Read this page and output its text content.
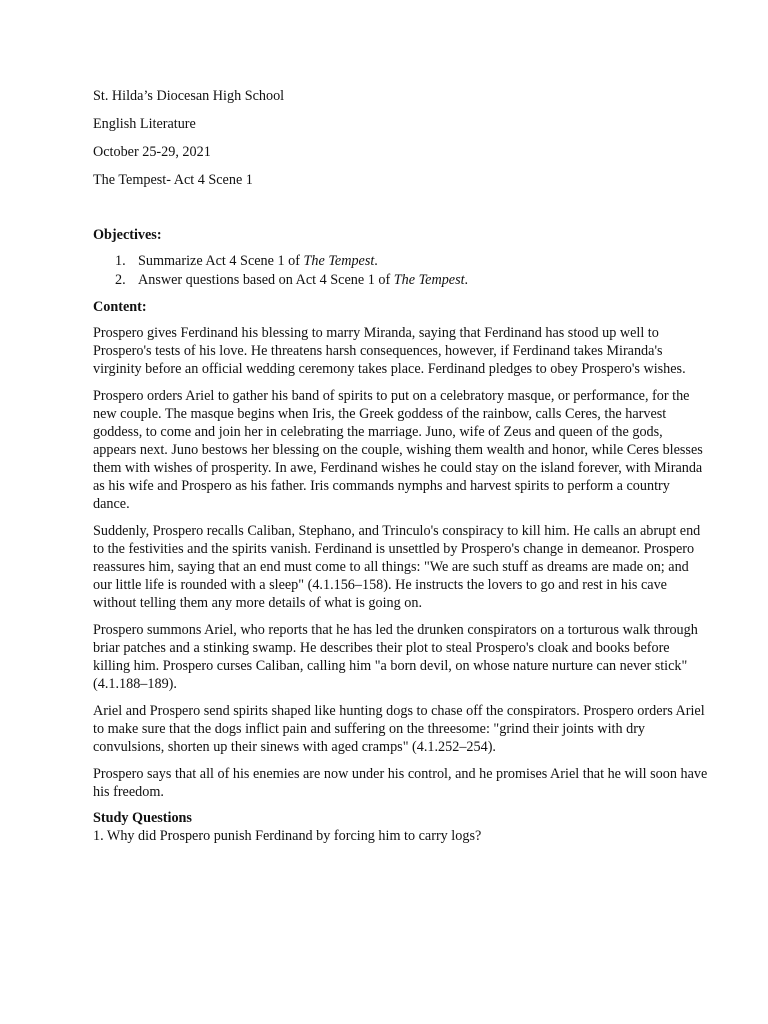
St. Hilda’s Diocesan High School
English Literature
October 25-29, 2021
The Tempest- Act 4 Scene 1
Objectives:
1. Summarize Act 4 Scene 1 of The Tempest.
2. Answer questions based on Act 4 Scene 1 of The Tempest.
Content:

Prospero gives Ferdinand his blessing to marry Miranda, saying that Ferdinand has stood up well to Prospero's tests of his love. He threatens harsh consequences, however, if Ferdinand takes Miranda's virginity before an official wedding ceremony takes place. Ferdinand pledges to obey Prospero's wishes.

Prospero orders Ariel to gather his band of spirits to put on a celebratory masque, or performance, for the new couple. The masque begins when Iris, the Greek goddess of the rainbow, calls Ceres, the harvest goddess, to come and join her in celebrating the marriage. Juno, wife of Zeus and queen of the gods, appears next. Juno bestows her blessing on the couple, wishing them wealth and honor, while Ceres blesses them with wishes of prosperity. In awe, Ferdinand wishes he could stay on the island forever, with Miranda as his wife and Prospero as his father. Iris commands nymphs and harvest spirits to perform a country dance.

Suddenly, Prospero recalls Caliban, Stephano, and Trinculo's conspiracy to kill him. He calls an abrupt end to the festivities and the spirits vanish. Ferdinand is unsettled by Prospero's change in demeanor. Prospero reassures him, saying that an end must come to all things: "We are such stuff as dreams are made on; and our little life is rounded with a sleep" (4.1.156–158). He instructs the lovers to go and rest in his cave without telling them any more details of what is going on.

Prospero summons Ariel, who reports that he has led the drunken conspirators on a torturous walk through briar patches and a stinking swamp. He describes their plot to steal Prospero's cloak and books before killing him. Prospero curses Caliban, calling him "a born devil, on whose nature nurture can never stick" (4.1.188–189).

Ariel and Prospero send spirits shaped like hunting dogs to chase off the conspirators. Prospero orders Ariel to make sure that the dogs inflict pain and suffering on the threesome: "grind their joints with dry convulsions, shorten up their sinews with aged cramps" (4.1.252–254).

Prospero says that all of his enemies are now under his control, and he promises Ariel that he will soon have his freedom.

Study Questions
1. Why did Prospero punish Ferdinand by forcing him to carry logs?
